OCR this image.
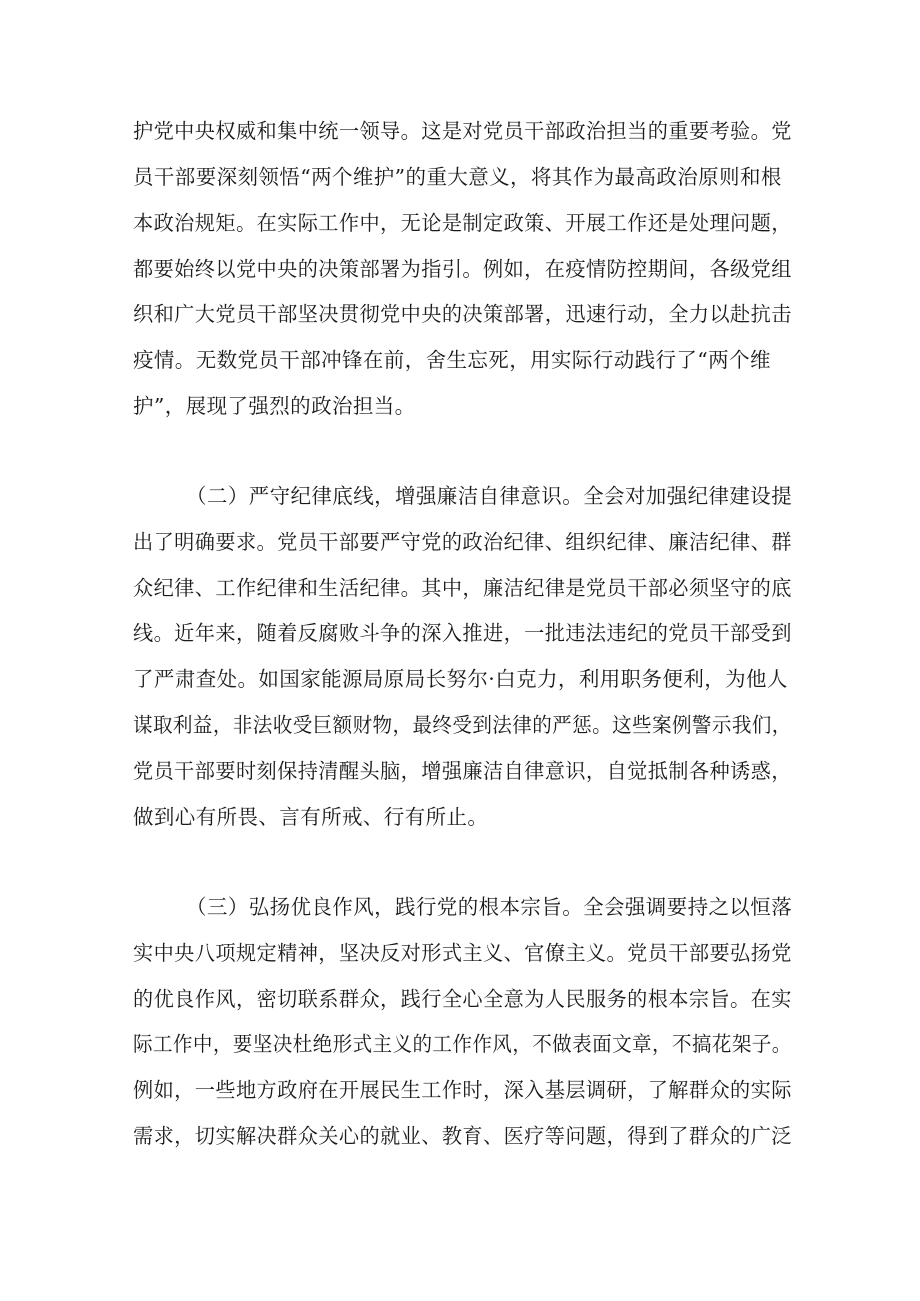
护党中央权威和集中统一领导。这是对党员干部政治担当的重要考验。党
员干部要深刻领悟“两个维护”的重大意义，将其作为最高政治原则和根
本政治规矩。在实际工作中，无论是制定政策、开展工作还是处理问题，
都要始终以党中央的决策部署为指引。例如，在疫情防控期间，各级党组
织和广大党员干部坚决贯彻党中央的决策部署，迅速行动，全力以赴抗击
疫情。无数党员干部冲锋在前，舍生忘死，用实际行动践行了“两个维
护”，展现了强烈的政治担当。
（二）严守纪律底线，增强廉洁自律意识。全会对加强纪律建设提
出了明确要求。党员干部要严守党的政治纪律、组织纪律、廉洁纪律、群
众纪律、工作纪律和生活纪律。其中，廉洁纪律是党员干部必须坚守的底
线。近年来，随着反腐败斗争的深入推进，一批违法违纪的党员干部受到
了严肃查处。如国家能源局原局长努尔·白克力，利用职务便利，为他人
谋取利益，非法收受巨额财物，最终受到法律的严惩。这些案例警示我们，
党员干部要时刻保持清醒头脑，增强廉洁自律意识，自觉抵制各种诱惑，
做到心有所畏、言有所戒、行有所止。
（三）弘扬优良作风，践行党的根本宗旨。全会强调要持之以恒落
实中央八项规定精神，坚决反对形式主义、官僚主义。党员干部要弘扬党
的优良作风，密切联系群众，践行全心全意为人民服务的根本宗旨。在实
际工作中，要坚决杜绝形式主义的工作作风，不做表面文章，不搞花架子。
例如，一些地方政府在开展民生工作时，深入基层调研，了解群众的实际
需求，切实解决群众关心的就业、教育、医疗等问题，得到了群众的广泛
